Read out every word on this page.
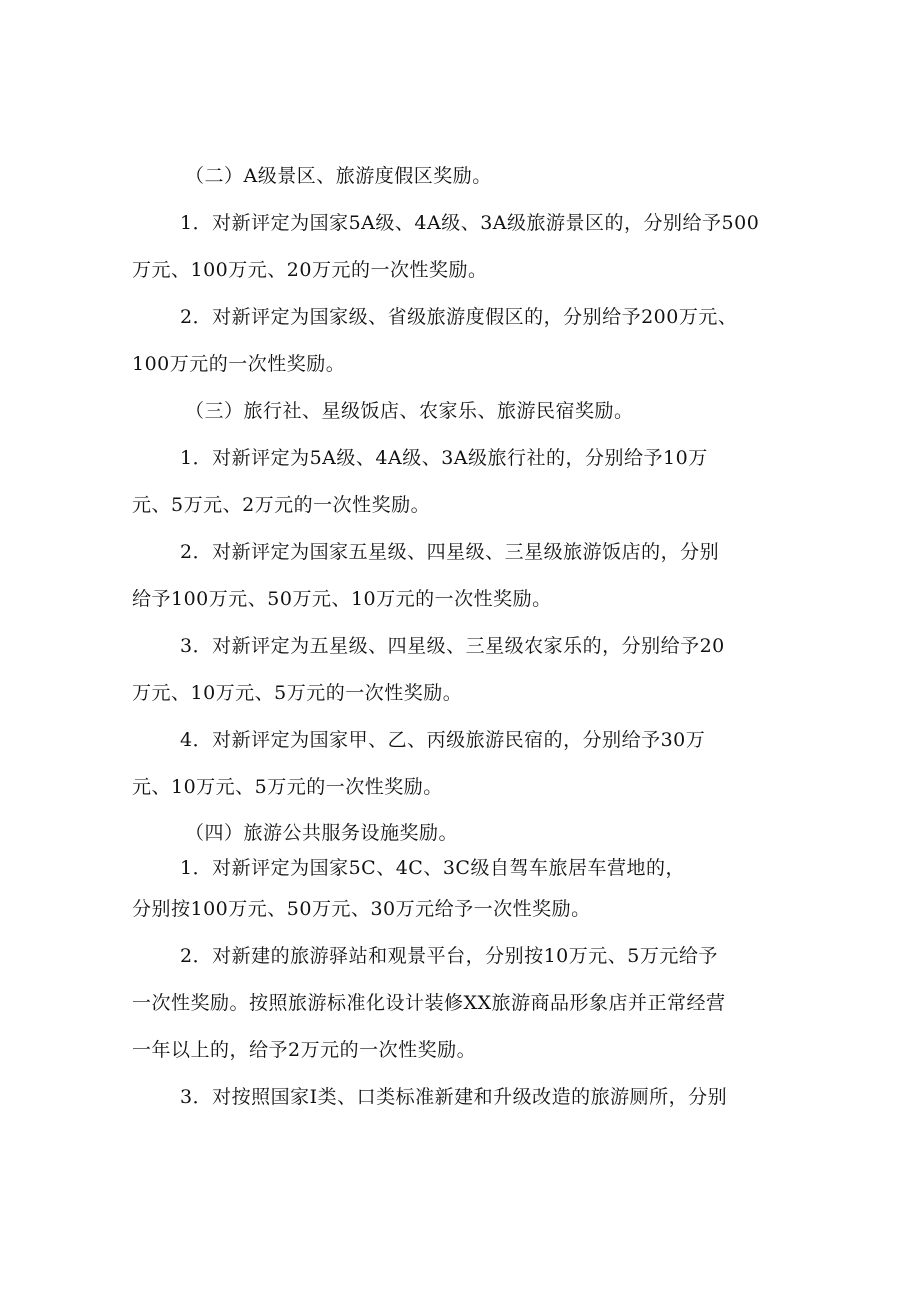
（二）A级景区、旅游度假区奖励。

1．对新评定为国家5A级、4A级、3A级旅游景区的，分别给予500

万元、100万元、20万元的一次性奖励。

2．对新评定为国家级、省级旅游度假区的，分别给予200万元、

100万元的一次性奖励。

（三）旅行社、星级饭店、农家乐、旅游民宿奖励。

1．对新评定为5A级、4A级、3A级旅行社的，分别给予10万

元、5万元、2万元的一次性奖励。

2．对新评定为国家五星级、四星级、三星级旅游饭店的，分别

给予100万元、50万元、10万元的一次性奖励。

3．对新评定为五星级、四星级、三星级农家乐的，分别给予20

万元、10万元、5万元的一次性奖励。

4．对新评定为国家甲、乙、丙级旅游民宿的，分别给予30万

元、10万元、5万元的一次性奖励。

（四）旅游公共服务设施奖励。

1．对新评定为国家5C、4C、3C级自驾车旅居车营地的，

分别按100万元、50万元、30万元给予一次性奖励。

2．对新建的旅游驿站和观景平台，分别按10万元、5万元给予

一次性奖励。按照旅游标准化设计装修XX旅游商品形象店并正常经营

一年以上的，给予2万元的一次性奖励。

3．对按照国家I类、口类标准新建和升级改造的旅游厕所，分别
